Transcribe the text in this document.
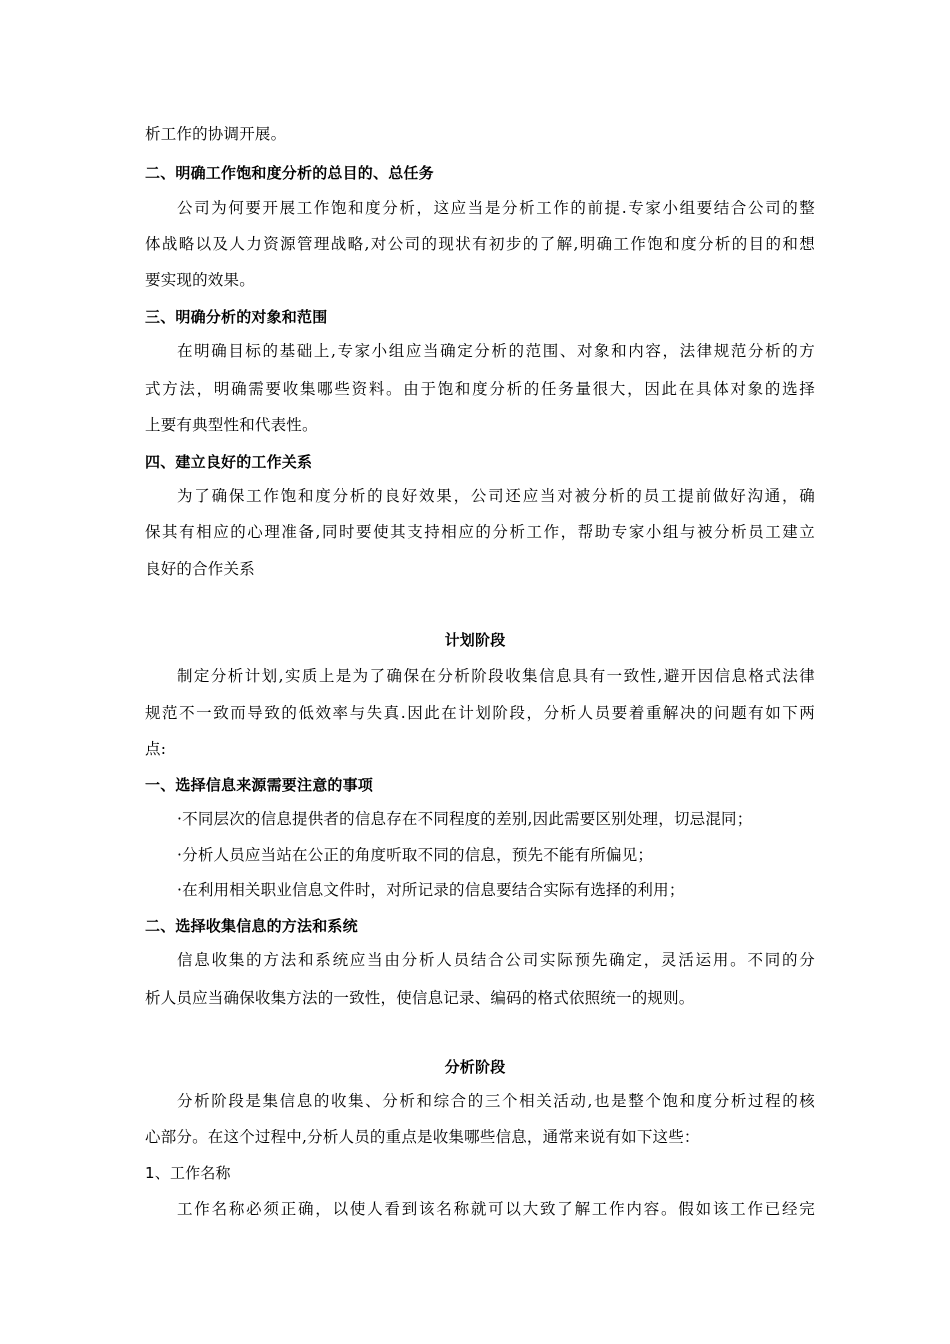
析工作的协调开展。
二、明确工作饱和度分析的总目的、总任务
公司为何要开展工作饱和度分析，这应当是分析工作的前提.专家小组要结合公司的整
体战略以及人力资源管理战略,对公司的现状有初步的了解,明确工作饱和度分析的目的和想
要实现的效果。
三、明确分析的对象和范围
在明确目标的基础上,专家小组应当确定分析的范围、对象和内容，法律规范分析的方
式方法，明确需要收集哪些资料。由于饱和度分析的任务量很大，因此在具体对象的选择
上要有典型性和代表性。
四、建立良好的工作关系
为了确保工作饱和度分析的良好效果，公司还应当对被分析的员工提前做好沟通，确
保其有相应的心理准备,同时要使其支持相应的分析工作，帮助专家小组与被分析员工建立
良好的合作关系
计划阶段
制定分析计划,实质上是为了确保在分析阶段收集信息具有一致性,避开因信息格式法律
规范不一致而导致的低效率与失真.因此在计划阶段，分析人员要着重解决的问题有如下两
点:
一、选择信息来源需要注意的事项
·不同层次的信息提供者的信息存在不同程度的差别,因此需要区别处理，切忌混同；
·分析人员应当站在公正的角度听取不同的信息，预先不能有所偏见；
·在利用相关职业信息文件时，对所记录的信息要结合实际有选择的利用；
二、选择收集信息的方法和系统
信息收集的方法和系统应当由分析人员结合公司实际预先确定，灵活运用。不同的分
析人员应当确保收集方法的一致性，使信息记录、编码的格式依照统一的规则。
分析阶段
分析阶段是集信息的收集、分析和综合的三个相关活动,也是整个饱和度分析过程的核
心部分。在这个过程中,分析人员的重点是收集哪些信息，通常来说有如下这些：
1、工作名称
工作名称必须正确，以使人看到该名称就可以大致了解工作内容。假如该工作已经完
